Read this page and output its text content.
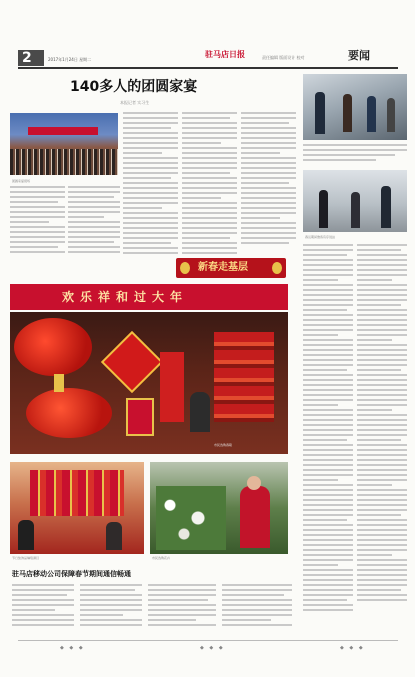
2	2017年1月24日 星期二
驻马店日报	责任编辑 版面设计 校对	要闻
140多人的团圆家宴
本报记者 实习生
团圆家宴现场
春运期间旅客有序进站
新春走基层
欢乐祥和过大年
市民选购春联
节日装饰品琳琅满目	市民选购花卉
驻马店移动公司保障春节期间通信畅通
◆ ◆ ◆	◆ ◆ ◆	◆ ◆ ◆
